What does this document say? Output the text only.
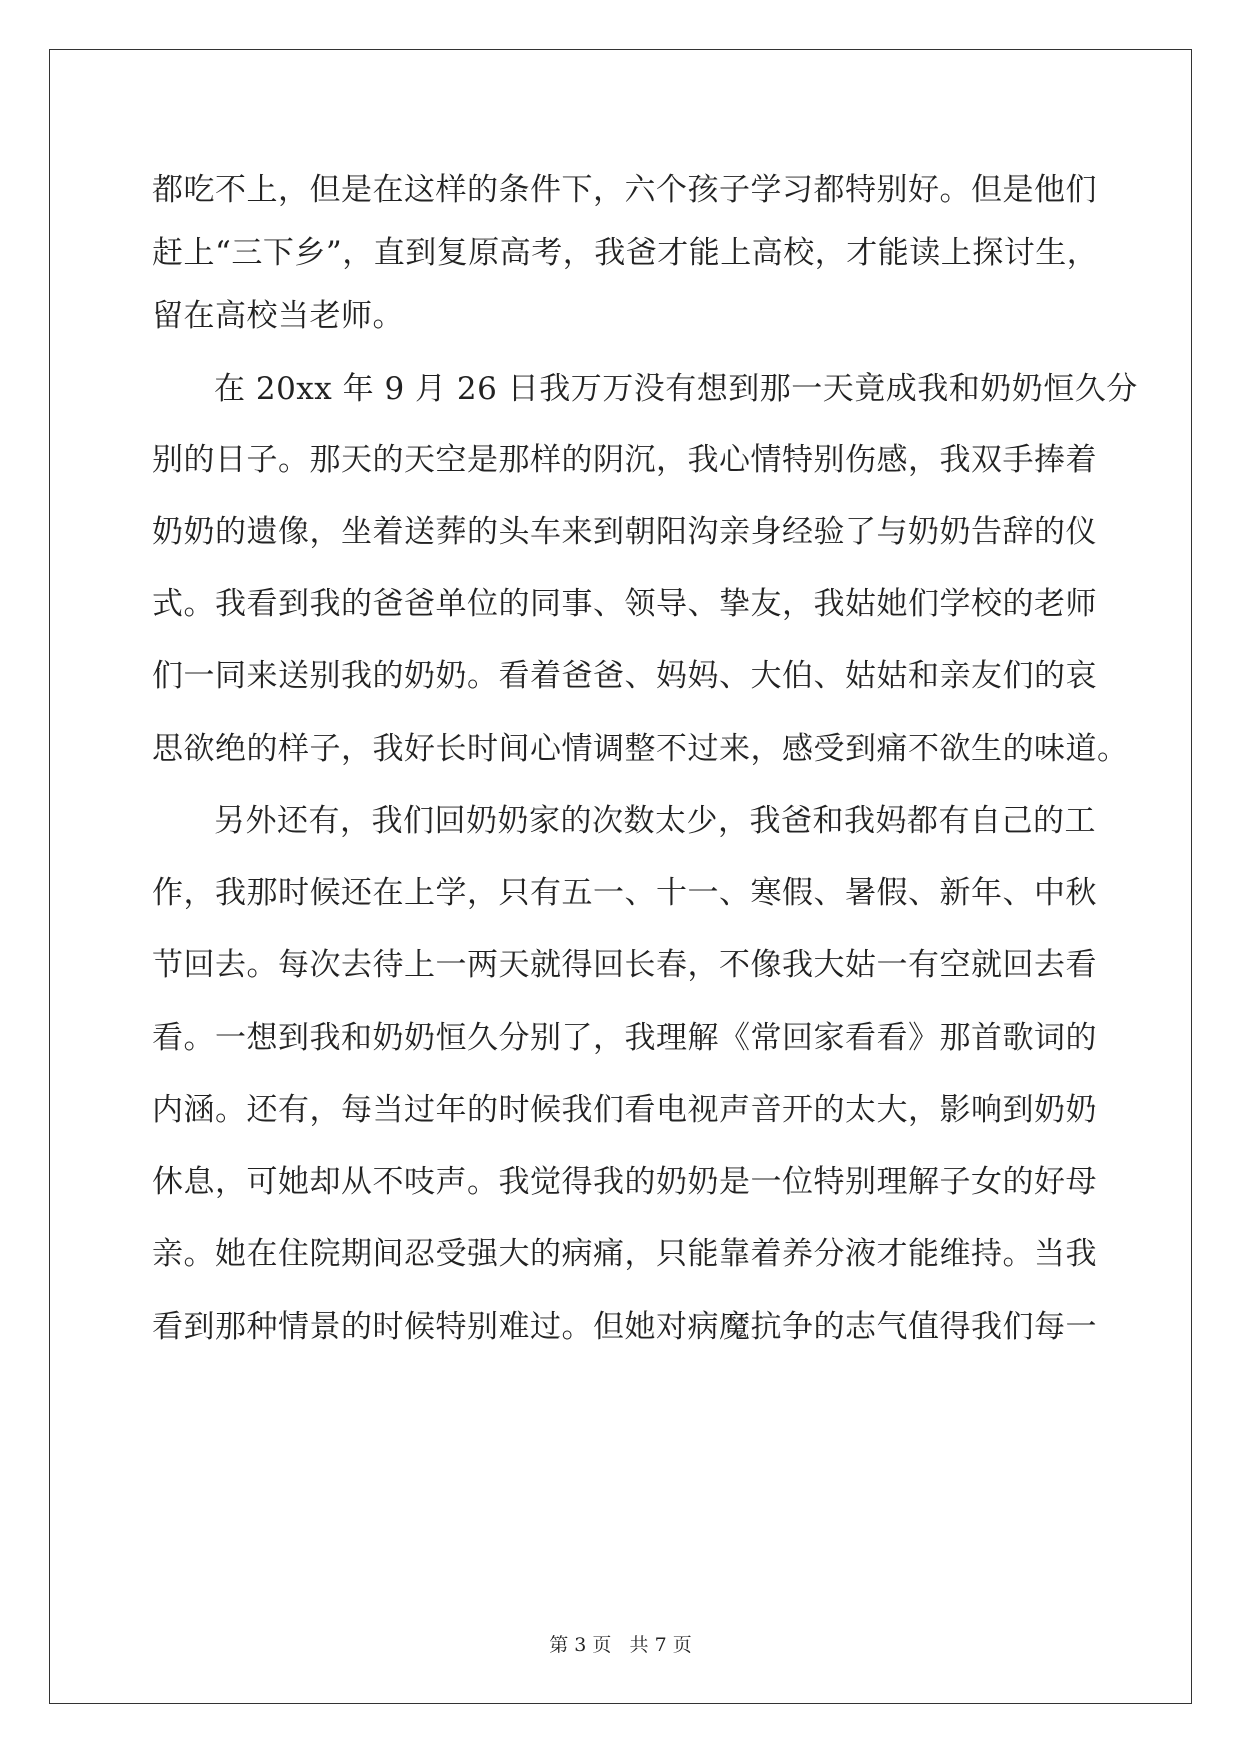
都吃不上，但是在这样的条件下，六个孩子学习都特别好。但是他们
赶上“三下乡”，直到复原高考，我爸才能上高校，才能读上探讨生，
留在高校当老师。
在 20xx 年 9 月 26 日我万万没有想到那一天竟成我和奶奶恒久分
别的日子。那天的天空是那样的阴沉，我心情特别伤感，我双手捧着
奶奶的遗像，坐着送葬的头车来到朝阳沟亲身经验了与奶奶告辞的仪
式。我看到我的爸爸单位的同事、领导、挚友，我姑她们学校的老师
们一同来送别我的奶奶。看着爸爸、妈妈、大伯、姑姑和亲友们的哀
思欲绝的样子，我好长时间心情调整不过来，感受到痛不欲生的味道。
另外还有，我们回奶奶家的次数太少，我爸和我妈都有自己的工
作，我那时候还在上学，只有五一、十一、寒假、暑假、新年、中秋
节回去。每次去待上一两天就得回长春，不像我大姑一有空就回去看
看。一想到我和奶奶恒久分别了，我理解《常回家看看》那首歌词的
内涵。还有，每当过年的时候我们看电视声音开的太大，影响到奶奶
休息，可她却从不吱声。我觉得我的奶奶是一位特别理解子女的好母
亲。她在住院期间忍受强大的病痛，只能靠着养分液才能维持。当我
看到那种情景的时候特别难过。但她对病魔抗争的志气值得我们每一
第 3 页   共 7 页
